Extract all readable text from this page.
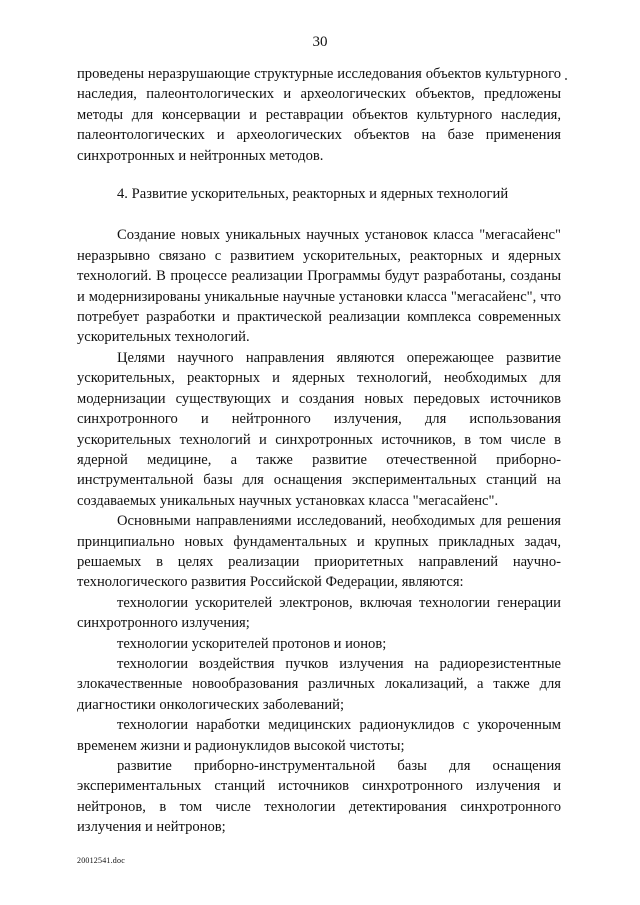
30

проведены неразрушающие структурные исследования объектов культурного наследия, палеонтологических и археологических объектов, предложены методы для консервации и реставрации объектов культурного наследия, палеонтологических и археологических объектов на базе применения синхротронных и нейтронных методов.

4. Развитие ускорительных, реакторных и ядерных технологий

Создание новых уникальных научных установок класса "мегасайенс" неразрывно связано с развитием ускорительных, реакторных и ядерных технологий. В процессе реализации Программы будут разработаны, созданы и модернизированы уникальные научные установки класса "мегасайенс", что потребует разработки и практической реализации комплекса современных ускорительных технологий.

Целями научного направления являются опережающее развитие ускорительных, реакторных и ядерных технологий, необходимых для модернизации существующих и создания новых передовых источников синхротронного и нейтронного излучения, для использования ускорительных технологий и синхротронных источников, в том числе в ядерной медицине, а также развитие отечественной приборно-инструментальной базы для оснащения экспериментальных станций на создаваемых уникальных научных установках класса "мегасайенс".

Основными направлениями исследований, необходимых для решения принципиально новых фундаментальных и крупных прикладных задач, решаемых в целях реализации приоритетных направлений научно-технологического развития Российской Федерации, являются:

технологии ускорителей электронов, включая технологии генерации синхротронного излучения;

технологии ускорителей протонов и ионов;

технологии воздействия пучков излучения на радиорезистентные злокачественные новообразования различных локализаций, а также для диагностики онкологических заболеваний;

технологии наработки медицинских радионуклидов с укороченным временем жизни и радионуклидов высокой чистоты;

развитие приборно-инструментальной базы для оснащения экспериментальных станций источников синхротронного излучения и нейтронов, в том числе технологии детектирования синхротронного излучения и нейтронов;

20012541.doc
